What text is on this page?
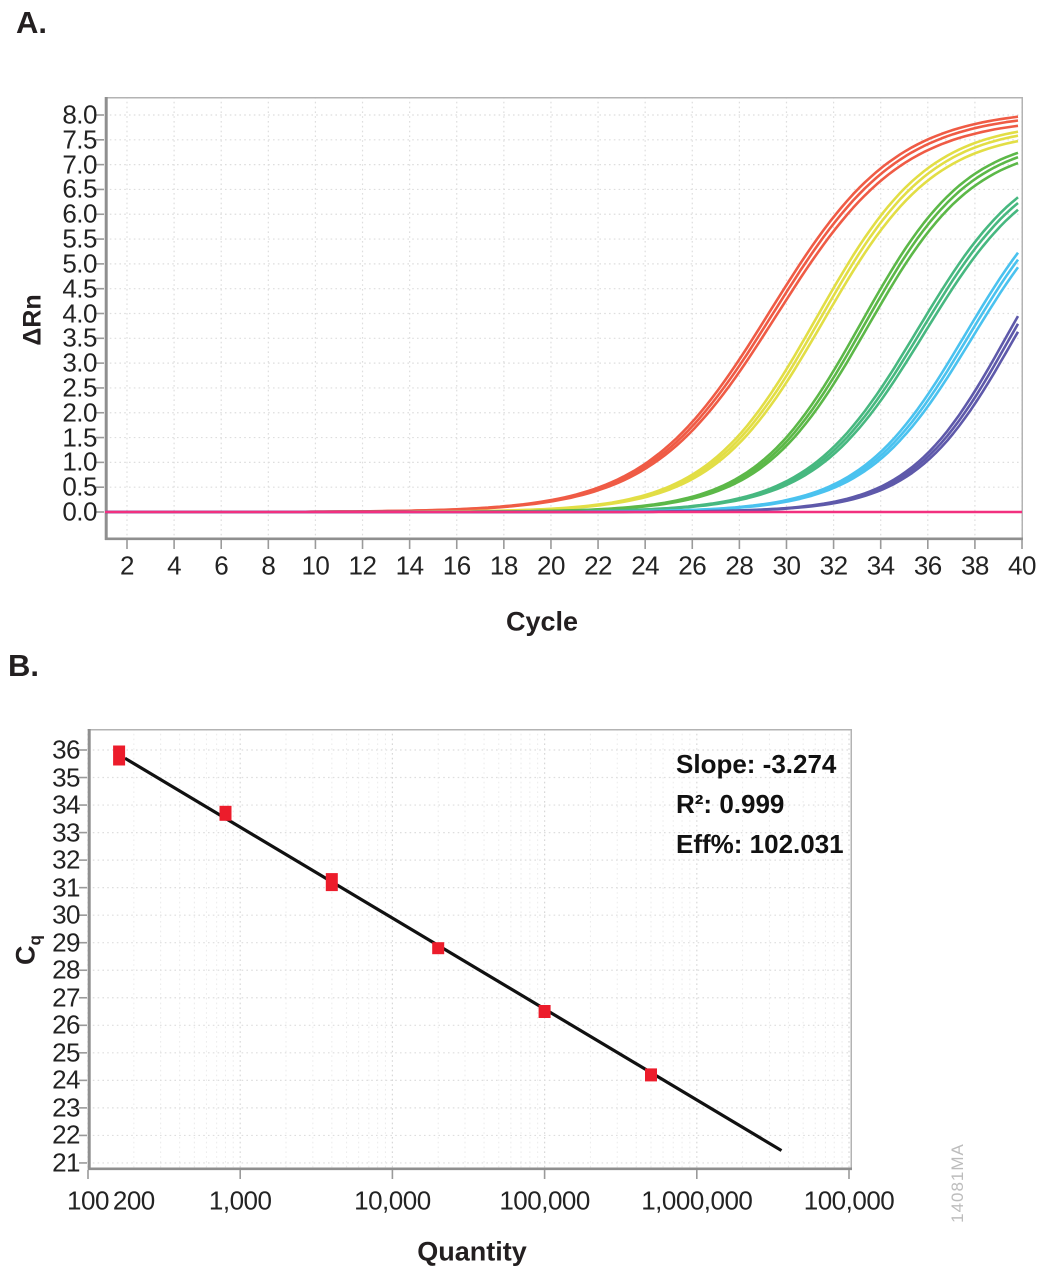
A.
ΔRn
Cycle
B.
$C_q$
Quantity
Slope: -3.274
R²: 0.999
Eff%: 102.031
14081MA
8.0
7.5
7.0
6.5
6.0
5.5
5.0
4.5
4.0
3.5
3.0
2.5
2.0
1.5
1.0
0.5
0.0
2 4 6 8 10 12 14 16 18 20 22 24 26 28 30 32 34 36 38 40
36
35
34
33
32
31
30
29
28
27
26
25
24
23
22
21
100 200 1,000	10,000	100,000 1,000,000 100,000
